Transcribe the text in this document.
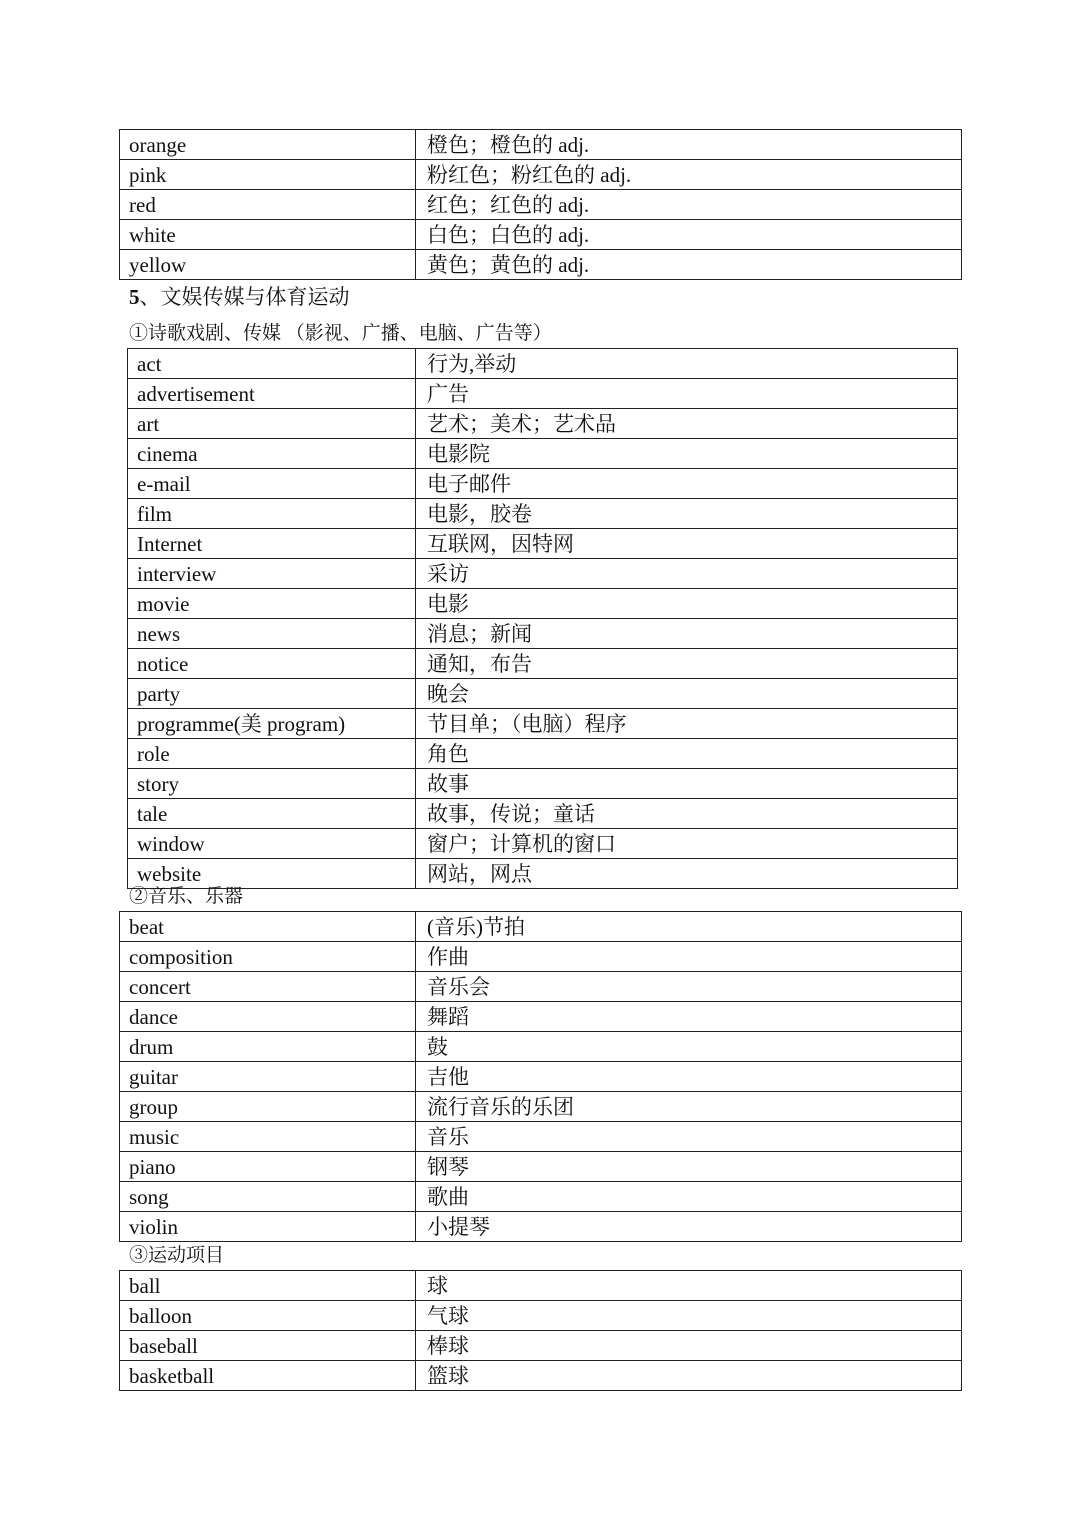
orange	橙色；橙色的 adj.
pink	粉红色；粉红色的 adj.
red	红色；红色的 adj.
white	白色；白色的 adj.
yellow	黄色；黄色的 adj.
5、文娱传媒与体育运动
①诗歌戏剧、传媒 （影视、广播、电脑、广告等）
act	行为,举动
advertisement	广告
art	艺术；美术；艺术品
cinema	电影院
e-mail	电子邮件
film	电影，胶卷
Internet	互联网，因特网
interview	采访
movie	电影
news	消息；新闻
notice	通知，布告
party	晚会
programme(美 program)	节目单；（电脑）程序
role	角色
story	故事
tale	故事，传说；童话
window	窗户；计算机的窗口
website	网站，网点
②音乐、乐器
beat	(音乐)节拍
composition	作曲
concert	音乐会
dance	舞蹈
drum	鼓
guitar	吉他
group	流行音乐的乐团
music	音乐
piano	钢琴
song	歌曲
violin	小提琴
③运动项目
ball	球
balloon	气球
baseball	棒球
basketball	篮球
